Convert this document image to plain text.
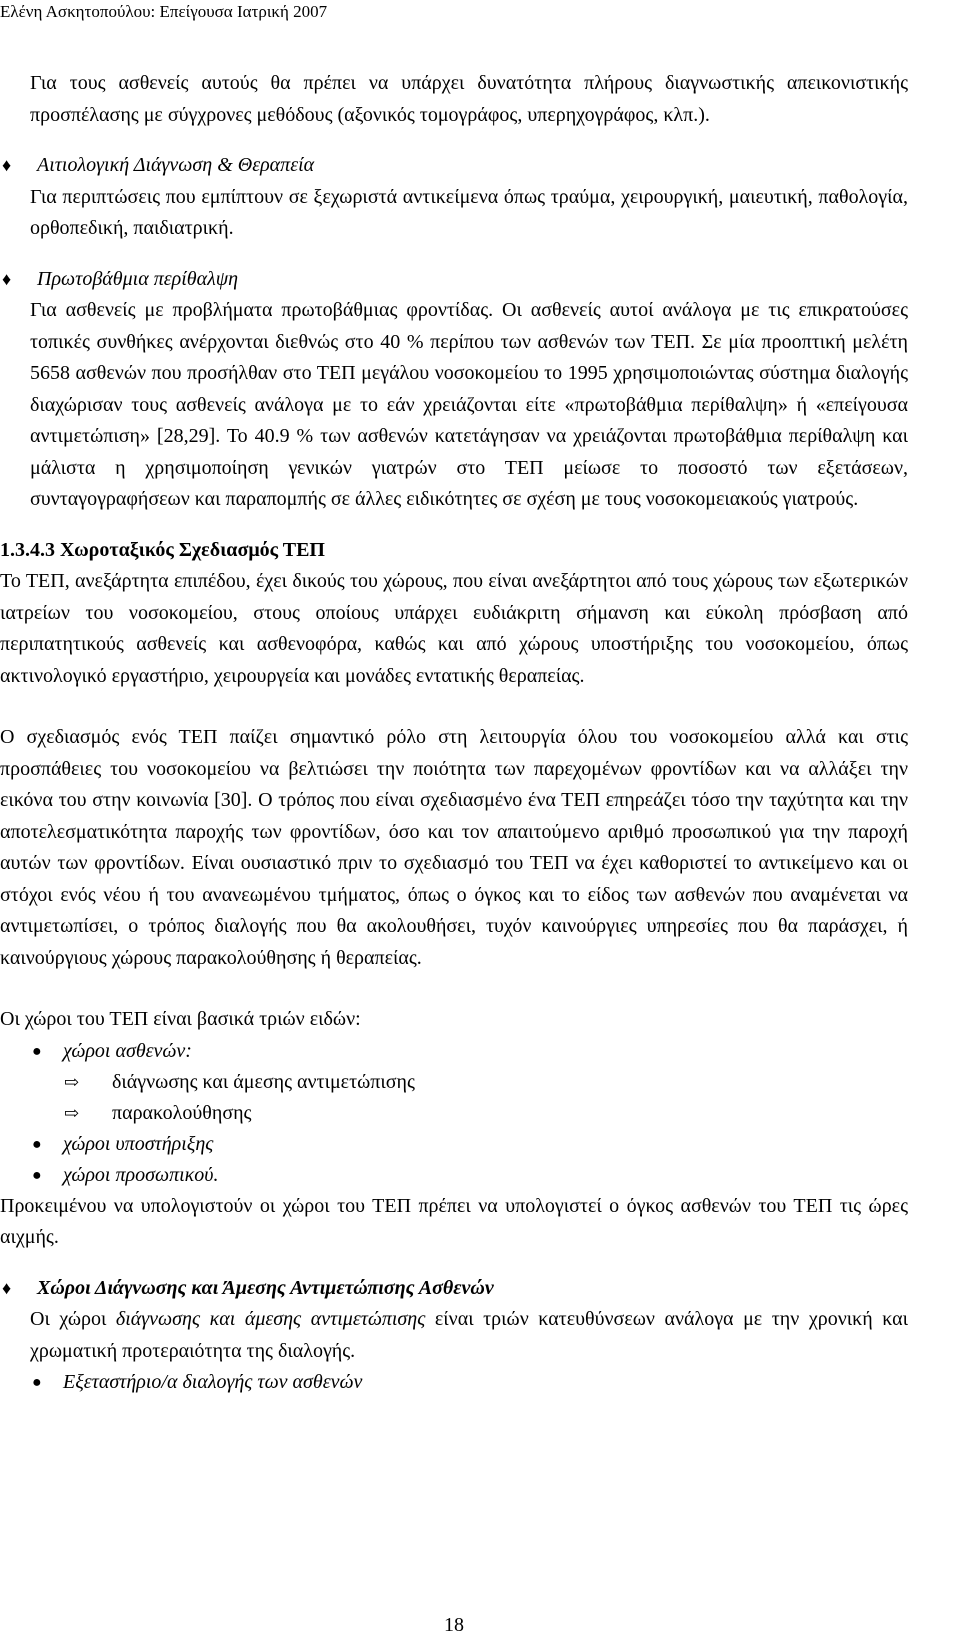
Ελένη Ασκητοπούλου: Επείγουσα Ιατρική 2007

Για τους ασθενείς αυτούς θα πρέπει να υπάρχει δυνατότητα πλήρους διαγνωστικής απεικονιστικής προσπέλασης με σύγχρονες μεθόδους (αξονικός τομογράφος, υπερηχογράφος, κλπ.).

♦ Αιτιολογική Διάγνωση & Θεραπεία

Για περιπτώσεις που εμπίπτουν σε ξεχωριστά αντικείμενα όπως τραύμα, χειρουργική, μαιευτική, παθολογία, ορθοπεδική, παιδιατρική.

♦ Πρωτοβάθμια περίθαλψη

Για ασθενείς με προβλήματα πρωτοβάθμιας φροντίδας. Οι ασθενείς αυτοί ανάλογα με τις επικρατούσες τοπικές συνθήκες ανέρχονται διεθνώς στο 40 % περίπου των ασθενών των ΤΕΠ. Σε μία προοπτική μελέτη 5658 ασθενών που προσήλθαν στο ΤΕΠ μεγάλου νοσοκομείου το 1995 χρησιμοποιώντας σύστημα διαλογής διαχώρισαν τους ασθενείς ανάλογα με το εάν χρειάζονται είτε «πρωτοβάθμια περίθαλψη» ή «επείγουσα αντιμετώπιση» [28,29]. Το 40.9 % των ασθενών κατετάγησαν να χρειάζονται πρωτοβάθμια περίθαλψη και μάλιστα η χρησιμοποίηση γενικών γιατρών στο ΤΕΠ μείωσε το ποσοστό των εξετάσεων, συνταγογραφήσεων και παραπομπής σε άλλες ειδικότητες σε σχέση με τους νοσοκομειακούς γιατρούς.

1.3.4.3 Χωροταξικός Σχεδιασμός ΤΕΠ

Το ΤΕΠ, ανεξάρτητα επιπέδου, έχει δικούς του χώρους, που είναι ανεξάρτητοι από τους χώρους των εξωτερικών ιατρείων του νοσοκομείου, στους οποίους υπάρχει ευδιάκριτη σήμανση και εύκολη πρόσβαση από περιπατητικούς ασθενείς και ασθενοφόρα, καθώς και από χώρους υποστήριξης του νοσοκομείου, όπως ακτινολογικό εργαστήριο, χειρουργεία και μονάδες εντατικής θεραπείας.

Ο σχεδιασμός ενός ΤΕΠ παίζει σημαντικό ρόλο στη λειτουργία όλου του νοσοκομείου αλλά και στις προσπάθειες του νοσοκομείου να βελτιώσει την ποιότητα των παρεχομένων φροντίδων και να αλλάξει την εικόνα του στην κοινωνία [30]. Ο τρόπος που είναι σχεδιασμένο ένα ΤΕΠ επηρεάζει τόσο την ταχύτητα και την αποτελεσματικότητα παροχής των φροντίδων, όσο και τον απαιτούμενο αριθμό προσωπικού για την παροχή αυτών των φροντίδων. Είναι ουσιαστικό πριν το σχεδιασμό του ΤΕΠ να έχει καθοριστεί το αντικείμενο και οι στόχοι ενός νέου ή του ανανεωμένου τμήματος, όπως ο όγκος και το είδος των ασθενών που αναμένεται να αντιμετωπίσει, ο τρόπος διαλογής που θα ακολουθήσει, τυχόν καινούργιες υπηρεσίες που θα παράσχει, ή καινούργιους χώρους παρακολούθησης ή θεραπείας.

Οι χώροι του ΤΕΠ είναι βασικά τριών ειδών:

● χώροι ασθενών:
⇨ διάγνωσης και άμεσης αντιμετώπισης
⇨ παρακολούθησης
● χώροι υποστήριξης
● χώροι προσωπικού.

Προκειμένου να υπολογιστούν οι χώροι του ΤΕΠ πρέπει να υπολογιστεί ο όγκος ασθενών του ΤΕΠ τις ώρες αιχμής.

♦ Χώροι Διάγνωσης και Άμεσης Αντιμετώπισης Ασθενών

Οι χώροι διάγνωσης και άμεσης αντιμετώπισης είναι τριών κατευθύνσεων ανάλογα με την χρονική και χρωματική προτεραιότητα της διαλογής.

● Εξεταστήριο/α διαλογής των ασθενών
18
